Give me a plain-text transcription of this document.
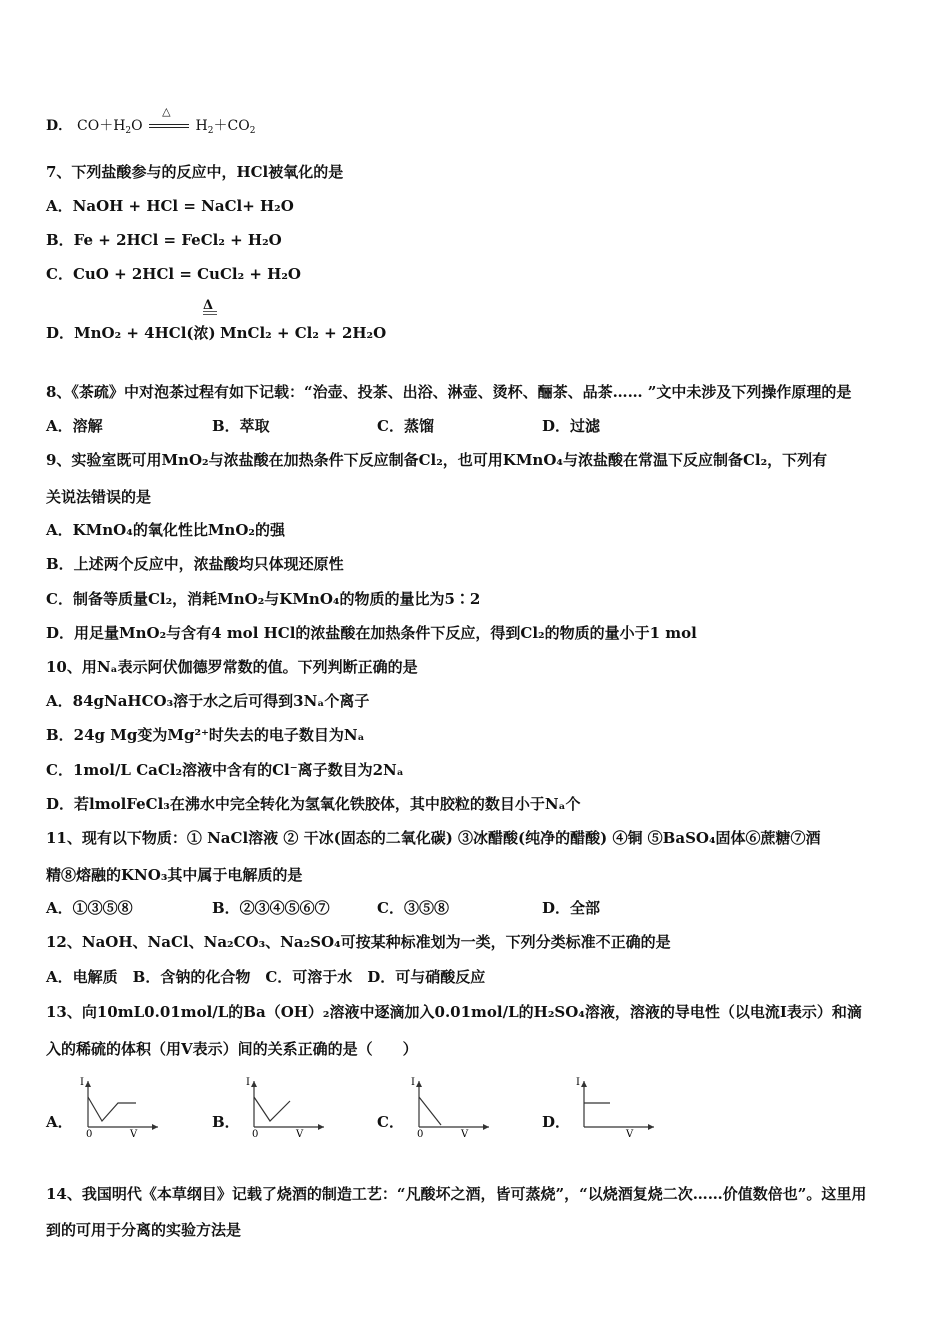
D． $CO+H_2O$
△
$H_2+CO_2$
7、下列盐酸参与的反应中，HCl被氧化的是
A．NaOH + HCl = NaCl+ H₂O
B．Fe + 2HCl = FeCl₂ + H₂O
C．CuO + 2HCl = CuCl₂ + H₂O
Δ
D．MnO₂ + 4HCl(浓) MnCl₂ + Cl₂ + 2H₂O
8、《茶疏》中对泡茶过程有如下记载：“治壶、投茶、出浴、淋壶、烫杯、酾茶、品茶…… ”文中未涉及下列操作原理的是
A．溶解	B．萃取	C．蒸馏	D．过滤
9、实验室既可用MnO₂与浓盐酸在加热条件下反应制备Cl₂，也可用KMnO₄与浓盐酸在常温下反应制备Cl₂，下列有
关说法错误的是
A．KMnO₄的氧化性比MnO₂的强
B．上述两个反应中，浓盐酸均只体现还原性
C．制备等质量Cl₂，消耗MnO₂与KMnO₄的物质的量比为5∶2
D．用足量MnO₂与含有4 mol HCl的浓盐酸在加热条件下反应，得到Cl₂的物质的量小于1 mol
10、用Nₐ表示阿伏伽德罗常数的值。下列判断正确的是
A．84gNaHCO₃溶于水之后可得到3Nₐ个离子
B．24g Mg变为Mg²⁺时失去的电子数目为Nₐ
C．1mol/L CaCl₂溶液中含有的Cl⁻离子数目为2Nₐ
D．若lmolFeCl₃在沸水中完全转化为氢氧化铁胶体，其中胶粒的数目小于Nₐ个
11、现有以下物质：① NaCl溶液 ② 干冰(固态的二氧化碳) ③冰醋酸(纯净的醋酸) ④铜 ⑤BaSO₄固体⑥蔗糖⑦酒
精⑧熔融的KNO₃其中属于电解质的是
A．①③⑤⑧	B．②③④⑤⑥⑦	C．③⑤⑧	D．全部
12、NaOH、NaCl、Na₂CO₃、Na₂SO₄可按某种标准划为一类，下列分类标准不正确的是
A．电解质　B．含钠的化合物　C．可溶于水　D．可与硝酸反应
13、向10mL0.01mol/L的Ba（OH）₂溶液中逐滴加入0.01mol/L的H₂SO₄溶液，溶液的导电性（以电流I表示）和滴
入的稀硫的体积（用V表示）间的关系正确的是（　　）
A．
I
V
0
B．
I
V
0
C．
I
V
0
D．
I
V
14、我国明代《本草纲目》记载了烧酒的制造工艺：“凡酸坏之酒，皆可蒸烧”，“以烧酒复烧二次……价值数倍也”。这里用
到的可用于分离的实验方法是
